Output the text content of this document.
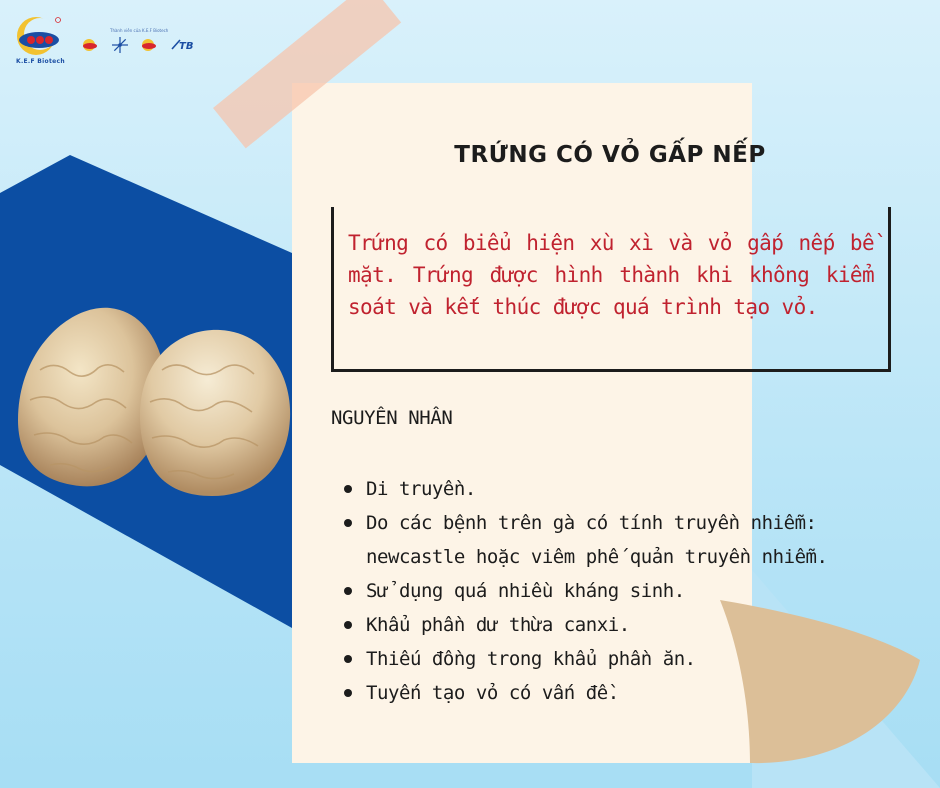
K.E.F Biotech
Thành viên của K.E.F Biotech
TB
TRỨNG CÓ VỎ GẤP NẾP

Trứng có biểu hiện xù xì và vỏ gấp nếp bề mặt. Trứng được hình thành khi không kiểm soát và kết thúc được quá trình tạo vỏ.

NGUYÊN NHÂN
Di truyền.
Do các bệnh trên gà có tính truyền nhiễm: newcastle hoặc viêm phế quản truyền nhiễm.
Sử dụng quá nhiều kháng sinh.
Khẩu phần dư thừa canxi.
Thiếu đồng trong khẩu phần ăn.
Tuyến tạo vỏ có vấn đề.
